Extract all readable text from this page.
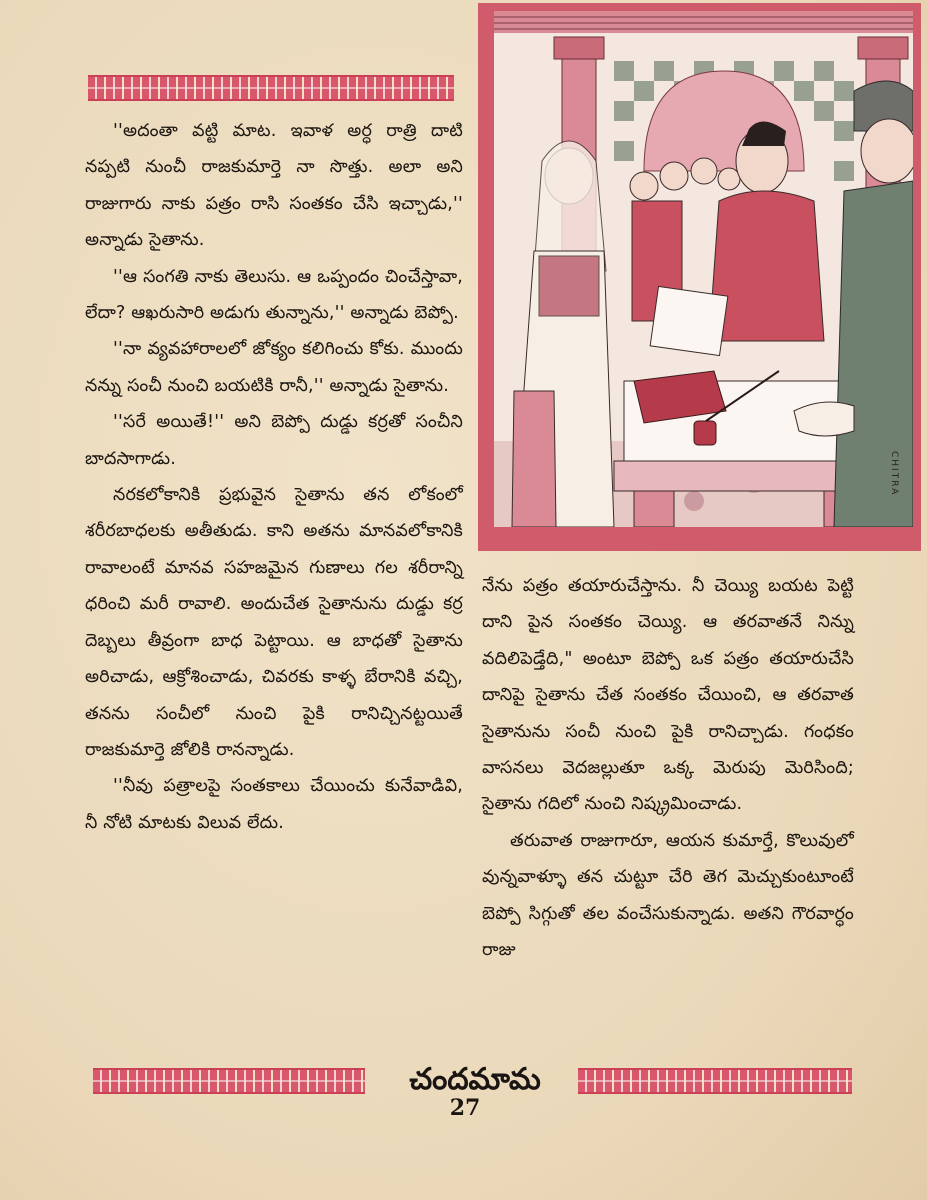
''అదంతా వట్టి మాట. ఇవాళ అర్ధ రాత్రి దాటి నప్పటి నుంచీ రాజకుమార్తె నా సొత్తు. అలా అని రాజుగారు నాకు పత్రం రాసి సంతకం చేసి ఇచ్చాడు,'' అన్నాడు సైతాను.

''ఆ సంగతి నాకు తెలుసు. ఆ ఒప్పందం చించేస్తావా, లేదా? ఆఖరుసారి అడుగు తున్నాను,'' అన్నాడు బెప్పో.

''నా వ్యవహారాలలో జోక్యం కలిగించు కోకు. ముందు నన్ను సంచీ నుంచి బయటికి రానీ,'' అన్నాడు సైతాను.

''సరే అయితే!'' అని బెప్పో దుడ్డు కర్రతో సంచీని బాదసాగాడు.

నరకలోకానికి ప్రభువైన సైతాను తన లోకంలో శరీరబాధలకు అతీతుడు. కాని అతను మానవలోకానికి రావాలంటే మానవ సహజమైన గుణాలు గల శరీరాన్ని ధరించి మరీ రావాలి. అందుచేత సైతానును దుడ్డు కర్ర దెబ్బలు తీవ్రంగా బాధ పెట్టాయి. ఆ బాధతో సైతాను అరిచాడు, ఆక్రోశించాడు, చివరకు కాళ్ళ బేరానికి వచ్చి, తనను సంచీలో నుంచి పైకి రానిచ్చినట్టయితే రాజకుమార్తె జోలికి రానన్నాడు.

''నీవు పత్రాలపై సంతకాలు చేయించు కునేవాడివి, నీ నోటి మాటకు విలువ లేదు.

CHITRA

నేను పత్రం తయారుచేస్తాను. నీ చెయ్యి బయట పెట్టి దాని పైన సంతకం చెయ్యి. ఆ తరవాతనే నిన్ను వదిలిపెడ్తేది," అంటూ బెప్పో ఒక పత్రం తయారుచేసి దానిపై సైతాను చేత సంతకం చేయించి, ఆ తరవాత సైతానును సంచీ నుంచి పైకి రానిచ్చాడు. గంధకం వాసనలు వెదజల్లుతూ ఒక్క మెరుపు మెరిసింది; సైతాను గదిలో నుంచి నిష్క్రమించాడు.

తరువాత రాజుగారూ, ఆయన కుమార్తే, కొలువులో వున్నవాళ్ళూ తన చుట్టూ చేరి తెగ మెచ్చుకుంటూంటే బెప్పో సిగ్గుతో తల వంచేసుకున్నాడు. అతని గౌరవార్ధం రాజు

చందమామ
27
